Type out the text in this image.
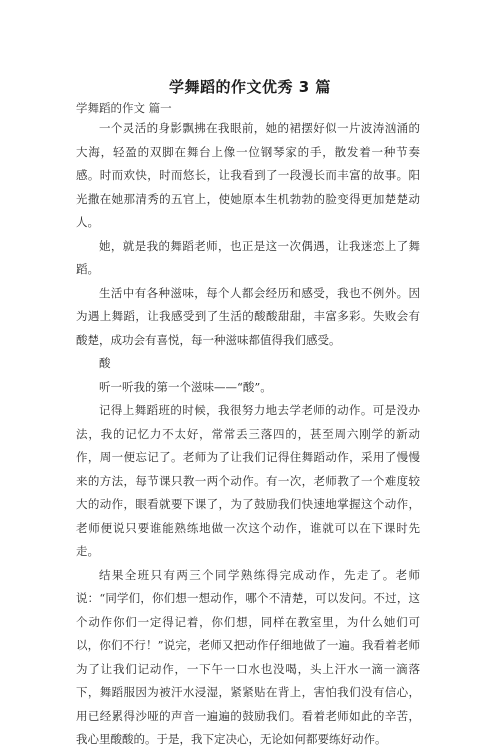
学舞蹈的作文优秀 3 篇
学舞蹈的作文 篇一

一个灵活的身影飘拂在我眼前，她的裙摆好似一片波涛汹涌的大海，轻盈的双脚在舞台上像一位钢琴家的手，散发着一种节奏感。时而欢快，时而悠长，让我看到了一段漫长而丰富的故事。阳光撒在她那清秀的五官上，使她原本生机勃勃的脸变得更加楚楚动人。

她，就是我的舞蹈老师，也正是这一次偶遇，让我迷恋上了舞蹈。

生活中有各种滋味，每个人都会经历和感受，我也不例外。因为遇上舞蹈，让我感受到了生活的酸酸甜甜，丰富多彩。失败会有酸楚，成功会有喜悦，每一种滋味都值得我们感受。

酸

听一听我的第一个滋味——“酸”。

记得上舞蹈班的时候，我很努力地去学老师的动作。可是没办法，我的记忆力不太好，常常丢三落四的，甚至周六刚学的新动作，周一便忘记了。老师为了让我们记得住舞蹈动作，采用了慢慢来的方法，每节课只教一两个动作。有一次，老师教了一个难度较大的动作，眼看就要下课了，为了鼓励我们快速地掌握这个动作，老师便说只要谁能熟练地做一次这个动作，谁就可以在下课时先走。

结果全班只有两三个同学熟练得完成动作，先走了。老师说：“同学们，你们想一想动作，哪个不清楚，可以发问。不过，这个动作你们一定得记着，你们想，同样在教室里，为什么她们可以，你们不行！”说完，老师又把动作仔细地做了一遍。我看着老师为了让我们记动作，一下午一口水也没喝，头上汗水一滴一滴落下，舞蹈服因为被汗水浸湿，紧紧贴在背上，害怕我们没有信心，用已经累得沙哑的声音一遍遍的鼓励我们。看着老师如此的辛苦，我心里酸酸的。于是，我下定决心，无论如何都要练好动作。
